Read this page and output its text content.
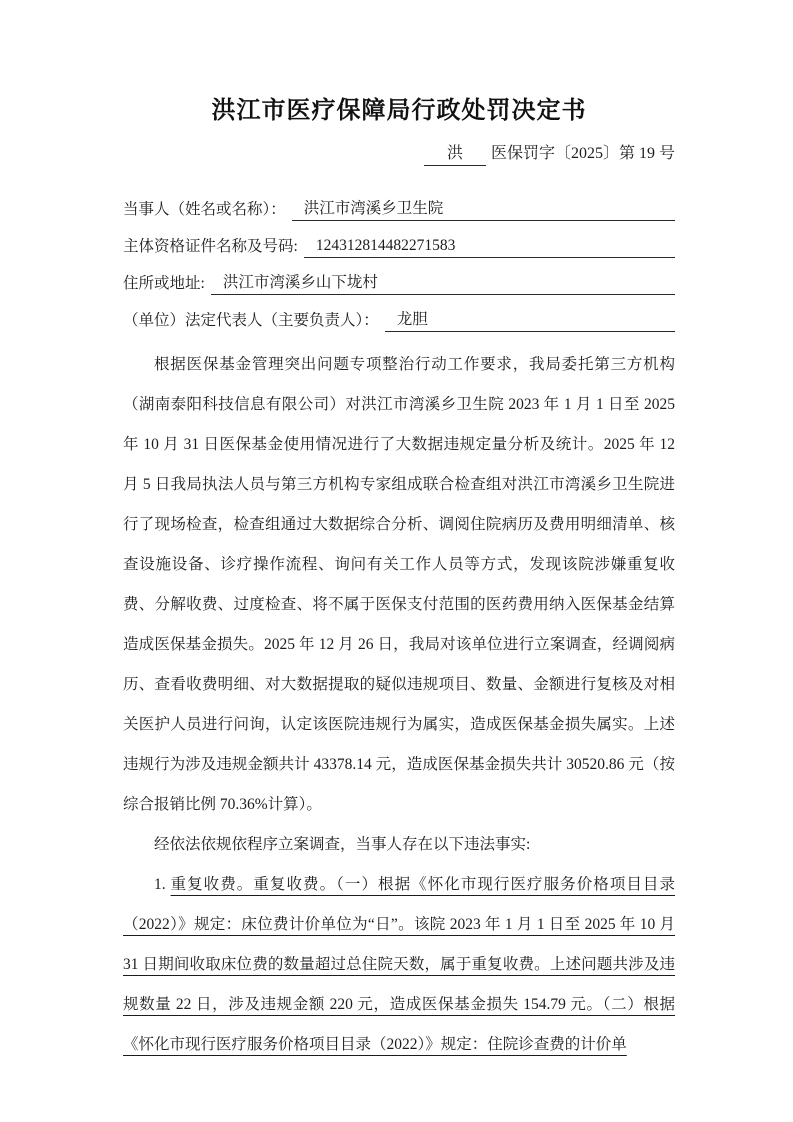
洪江市医疗保障局行政处罚决定书
洪 医保罚字〔2025〕第 19 号
当事人（姓名或名称）：	洪江市湾溪乡卫生院
主体资格证件名称及号码:	124312814482271583
住所或地址:	洪江市湾溪乡山下垅村
（单位）法定代表人（主要负责人）：	龙胆

根据医保基金管理突出问题专项整治行动工作要求，我局委托第三方机构（湖南泰阳科技信息有限公司）对洪江市湾溪乡卫生院 2023 年 1 月 1 日至 2025 年 10 月 31 日医保基金使用情况进行了大数据违规定量分析及统计。2025 年 12 月 5 日我局执法人员与第三方机构专家组成联合检查组对洪江市湾溪乡卫生院进行了现场检查，检查组通过大数据综合分析、调阅住院病历及费用明细清单、核查设施设备、诊疗操作流程、询问有关工作人员等方式，发现该院涉嫌重复收费、分解收费、过度检查、将不属于医保支付范围的医药费用纳入医保基金结算造成医保基金损失。2025 年 12 月 26 日，我局对该单位进行立案调查，经调阅病历、查看收费明细、对大数据提取的疑似违规项目、数量、金额进行复核及对相关医护人员进行问询，认定该医院违规行为属实，造成医保基金损失属实。上述违规行为涉及违规金额共计 43378.14 元，造成医保基金损失共计 30520.86 元（按综合报销比例 70.36%计算）。

经依法依规依程序立案调查，当事人存在以下违法事实:

1. 重复收费。重复收费。（一）根据《怀化市现行医疗服务价格项目目录（2022）》规定：床位费计价单位为“日”。该院 2023 年 1 月 1 日至 2025 年 10 月 31 日期间收取床位费的数量超过总住院天数，属于重复收费。上述问题共涉及违规数量 22 日，涉及违规金额 220 元，造成医保基金损失 154.79 元。（二）根据《怀化市现行医疗服务价格项目目录（2022）》规定：住院诊查费的计价单
